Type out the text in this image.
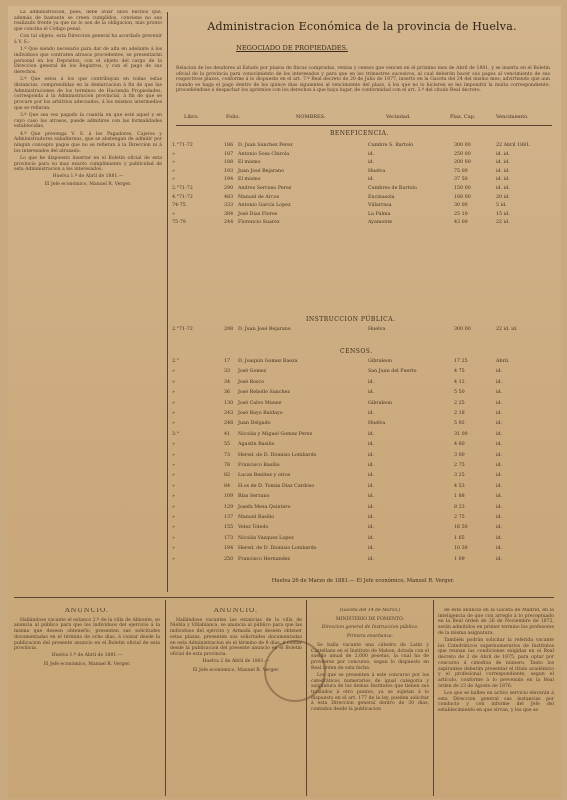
La administracion, pues, debe aviar unos hechos que, además de bastante se creen cumplidos, conviene no sea realizado frente ya que no lo son de la obligacion, más pronto que conciba el Código penal.

Con tal objeto, esta Direccion general ha acordado prevenir á V. S.:

1.º Que siendo necesario para dar de alta en adelante á los individuos que contraten atrasos procedentes, se presentarán personal en los Depósitos, con el objeto del cargo de la Direccion general de los Registros, y con el pago de sus derechos.

2.º Que estos á los que contribuyan en todas estas distancias, comprendidas en la demarcacion á fin de que las Administraciones de los terminos de Hacienda Propiedades, corresponda á la Administracion provincial, á fin de que se procure por los arbitrios adecuados, á los mismos intermedios que se refieran.

3.º Que sea vez pagado la cuantía en que esté aquel y en cuyo caso los atrasos, puede admitirse con las formalidades establecidas.

4.º Que prevenga V. S. á los Pagadores, Cajeros y Administradores subalternos, que se abstengan de admitir por ningun concepto pagos que no se refieran á la Direccion ni á los interesados del atrasado.

Lo que he dispuesto insertar en el Boletin oficial de esta provincia para su mas exacto cumplimiento y publicidad de esta Administracion a los interesados.

Huelva 1.º de Abril de 1881.—

El Jefe económico, Manuel R. Verger.

Administracion Económica de la provincia de Huelva.
NEGOCIADO DE PROPIEDADES.
Relacion de los deudores al Estado por plazos de fincas compradas, rentas y censos que vencen en el próximo mes de Abril de 1881, y se inserta en el Boletin oficial de la provincia para conocimiento de los interesados y para que en los trimestres sucesivos, al cual deberán hacer sus pagos al vencimiento de sus respectivos plazos, conforme á lo dispuesto en el art. 7.º Real decreto de 20 de Julio de 1877, inserto en la Gaceta del 24 del mismo mes; advirtiendo que aun cuando se haga el pago dentro de los quince dias siguientes al vencimiento del plazo, á los que no lo hicieren se les impondrá la multa correspondiente, procediéndose á despachar los apremios con los derechos á que haya lugar, de conformidad con el art. 3.º del citado Real decreto.
Libro.	Folio.	NOMBRES.	Vecindad.	Plaz. Cap.	Vencimiento.
BENEFICENCIA.
INSTRUCCION PÚBLICA.
CENSOS.
1.°71-72	186 D. Juan Sanchez Perez	Cumbre S. Bartolo	300 00	22 Abril 1881.
»	187 Antonio Sosa Chirola	id.	250 00	id. id.
»	188 El mismo	id.	200 00	id. id.
»	193 Juan José Bejarano	Huelva	75 00	id. id.
»	194 El mismo	id.	37 50	id. id.
2.°71-72	290 Andres Serrano Perez	Cumbres de Bartolo	150 00	id. id.
4.°71-72	483 Manuel de Arcos	Encinasola	180 00	20 id.
74-75	333 Antonio García Lopez	Villarrasa	30 00	5 id.
»	384 José Diaz Flores	La Palma	25 10	15 id.
75-79	244 Florencio Suarez	Ayamonte	43 00	22 id.
2.°71-72	298 D. Juan José Bejarano	Huelva	300 00	22 id. id.
2.°	17 D. Joaquin Gomez Baeza	Gibraleon	17 25	Abril.
»	33 José Gomez	San Juan del Puerto	4 75	id.
»	34 José Bosco	id.	4 12	id.
»	36 José Rebollo Sanchez	id.	5 50	id.
»	130 José Calvo Munez	Gibraleon	2 25	id.
»	243 José Bayo Baldayo	id.	2 18	id.
»	248 Juan Delgado	Huelva	5 92	id.
3.°	41 Nicolás y Miguel Gomez Perez	id.	31 00	id.
»	55 Agustin Basilio	id.	4 60	id.
»	73 Hered. de D. Dionisio Lombardo	id.	3 00	id.
»	78 Francisco Basilio	id.	2 75	id.
»	82 Lucas Benitez y otros	id.	3 25	id.
»	84 H.os de D. Tomás Diaz Cardoso	id.	4 53	id.
»	109 Blas Serrano	id.	1 88	id.
»	129 Josefa Mesa Quintero	id.	8 23	id.
»	137 Manuel Basilio	id.	2 75	id.
»	155 Velez Toledo	id.	16 50	id.
»	173 Nicolás Vazquez Lopez	id.	1 65	id.
»	184 Hered. de D. Dionisio Lombardo	id.	10 30	id.
»	250 Francisco Hernandez	id.	1 09	id.
Huelva 26 de Marzo de 1881.— El Jefe económico, Manuel R. Verger.
ANUNCIO.

Hallándose vacante el estanco 2.º de la villa de Almonte, se anuncia al público para que los individuos del ejercicio á la misma que deseen obtenerlo, presenten sus solicitudes documentadas en el término de ocho dias, á contar desde la publicacion del presente anuncio en el Boletin oficial de esta provincia.

Huelva 1.º de Abril de 1881.—

El Jefe económico, Manuel R. Verger.

ANUNCIO.

Hallándose vacantes las estancias de la villa de Niebla y Villablanca, se anuncia al público para que las individuos del ejército y Armada que deseen obtener estas plazas, presenten sus solicitudes documentadas en esta Administracion en el término de 8 dias, á contar desde la publicacion del presente anuncio en el Boletin oficial de esta provincia.

Huelva 2 de Abril de 1881.—

El Jefe económico, Manuel R. Verger.

(Gaceta del 14 de Marzo.)

MINISTERIO DE FOMENTO.

Direccion general de Instruccion pública.

Primera enseñanza.

Se halla vacante una cátedra de Latin y Castellano en el Instituto de Mahon, dotada con el sueldo anual de 2.000 pesetas, la cual ha de proveerse por concurso, segun lo dispuesto en Real órden de esta fecha.

Los que se presenten á este concurso por los catedráticos numerarios de igual categoría y asignatura de los demas Institutos que tienen sus traslados á otro puntos, ya se sujetan á lo dispuesto en el art. 177 de la ley, pueden solicitar á esta Direccion general dentro de 30 dias, contados desde la publicacion

de este anuncio en la Gaceta de Madrid, en la inteligencia de que con arreglo á lo preceptuado en la Real órden de 26 de Noviembre de 1872, serán admitidos en primer termino los profesores de la misma asignatura.

También podrán solicitar la referida vacante los Catedráticos supernumerarios de Institutos que reunan las condiciones exigidas en el Real decreto de 2 de Abril de 1875, para optar por concurso á cátedras de número. Tanto los aspirantes deberán presentar el título académico y el profesional correspondiente, segun el artículo, conforme á lo prevenido en la Real órden de 23 de Agosto de 1876.

Los que se hallen en activo servicio elevarán á esta Direccion general sus instancias por conducto y con informe del Jefe del establecimiento en que sirvan, y los que se
